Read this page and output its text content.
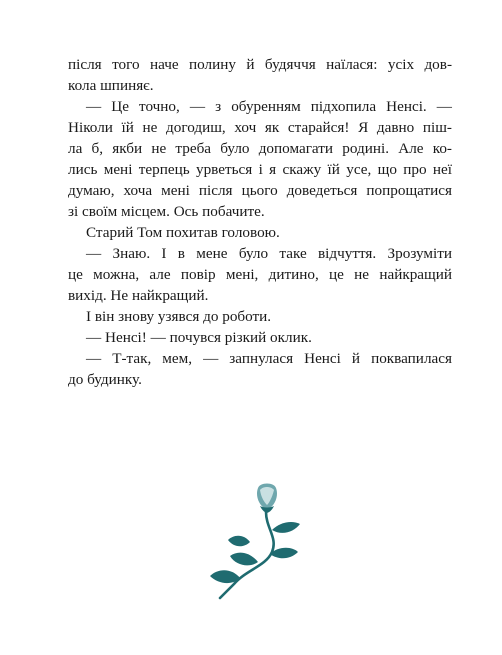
після того наче полину й будяччя наїлася: усіх дов-
кола шпиняє.
— Це точно, — з обуренням підхопила Ненсі. —
Ніколи їй не догодиш, хоч як старайся! Я давно піш-
ла б, якби не треба було допомагати родині. Але ко-
лись мені терпець урветься і я скажу їй усе, що про неї
думаю, хоча мені після цього доведеться попрощатися
зі своїм місцем. Ось побачите.
Старий Том похитав головою.
— Знаю. І в мене було таке відчуття. Зрозуміти
це можна, але повір мені, дитино, це не найкращий
вихід. Не найкращий.
І він знову узявся до роботи.
— Ненсі! — почувся різкий оклик.
— Т-так, мем, — запнулася Ненсі й поквапилася
до будинку.
